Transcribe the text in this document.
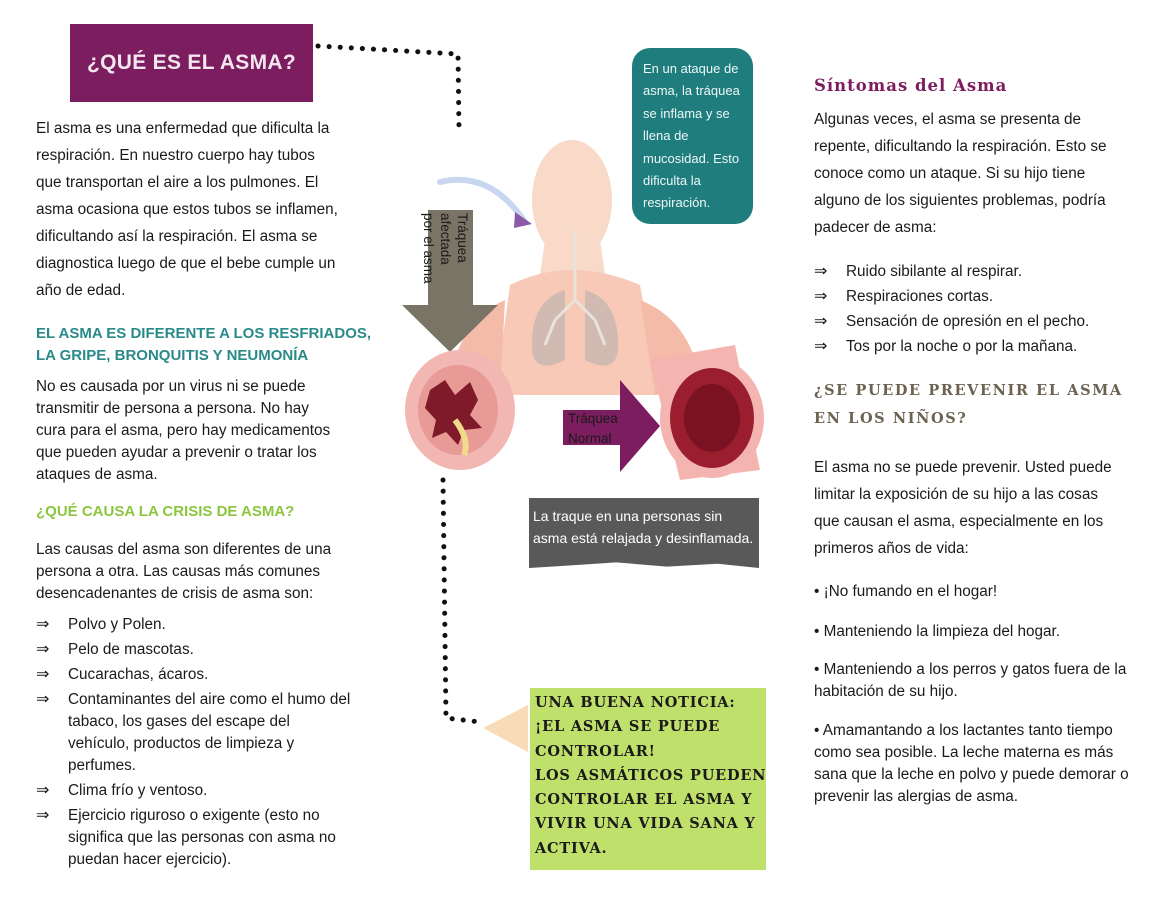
¿QUÉ ES EL ASMA?
El asma es una enfermedad que dificulta la
respiración. En nuestro cuerpo hay tubos
que transportan el aire a los pulmones. El
asma ocasiona que estos tubos se inflamen,
dificultando así la respiración. El asma se
diagnostica luego de que el bebe cumple un
año de edad.
EL ASMA ES DIFERENTE A LOS RESFRIADOS,
LA GRIPE, BRONQUITIS Y NEUMONÍA
No es causada por un virus ni se puede
transmitir de persona a persona. No hay
cura para el asma, pero hay medicamentos
que pueden ayudar a prevenir o tratar los
ataques de asma.
¿QUÉ CAUSA LA CRISIS DE ASMA?
Las causas del asma son diferentes de una
persona a otra. Las causas más comunes
desencadenantes de crisis de asma son:
⇒ Polvo y Polen.
⇒ Pelo de mascotas.
⇒ Cucarachas, ácaros.
⇒ Contaminantes del aire como el humo del tabaco, los gases del escape del vehículo, productos de limpieza y perfumes.
⇒ Clima frío y ventoso.
⇒ Ejercicio riguroso o exigente (esto no significa que las personas con asma no puedan hacer ejercicio).
Tráquea afectada
por el asma
Tráquea
Normal
En un ataque de
asma, la tráquea
se inflama y se
llena de
mucosidad. Esto
dificulta la
respiración.
La traque en una personas sin
asma está relajada y desinflamada.
UNA BUENA NOTICIA:
¡EL ASMA SE PUEDE
CONTROLAR!
LOS ASMÁTICOS PUEDEN
CONTROLAR EL ASMA Y
VIVIR UNA VIDA SANA Y
ACTIVA.
Síntomas del Asma
Algunas veces, el asma se presenta de
repente, dificultando la respiración. Esto se
conoce como un ataque. Si su hijo tiene
alguno de los siguientes problemas, podría
padecer de asma:
⇒ Ruido sibilante al respirar.
⇒ Respiraciones cortas.
⇒ Sensación de opresión en el pecho.
⇒ Tos por la noche o por la mañana.
¿SE PUEDE PREVENIR EL ASMA
EN LOS NIÑOS?
El asma no se puede prevenir. Usted puede
limitar la exposición de su hijo a las cosas
que causan el asma, especialmente en los
primeros años de vida:
• ¡No fumando en el hogar!
• Manteniendo la limpieza del hogar.
• Manteniendo a los perros y gatos fuera de la habitación de su hijo.
• Amamantando a los lactantes tanto tiempo como sea posible. La leche materna es más sana que la leche en polvo y puede demorar o prevenir las alergias de asma.
